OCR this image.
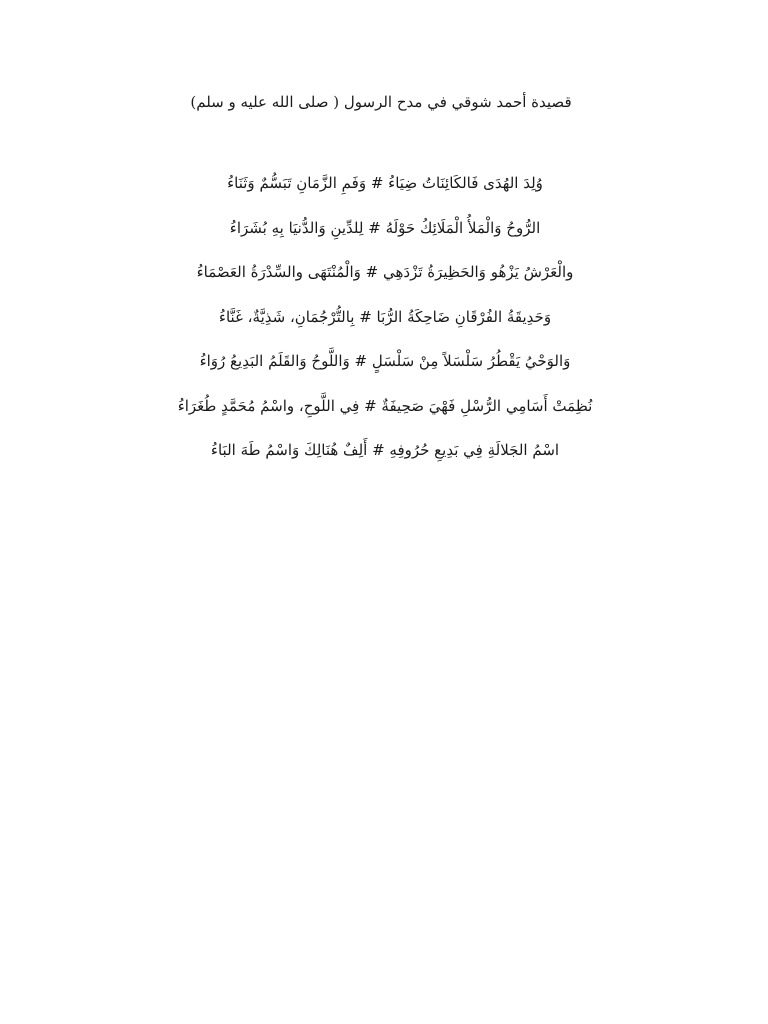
قصيدة أحمد شوقي في مدح الرسول ( صلى الله عليه و سلم)
وُلِدَ الهُدَى فَالكَائِنَاتُ ضِيَاءُ # وَفَمِ الزَّمَانِ تَبَسُّمٌ وَثَنَاءُ
الرُّوحُ وَالْمَلأُ الْمَلَائِكُ حَوْلَهُ # لِلدِّينِ وَالدُّنيَا بِهِ بُشَرَاءُ
والْعَرْشُ يَزْهُو وَالحَظِيرَةُ تَزْدَهِي # وَالْمُنْتَهَى والسِّدْرَةُ العَصْمَاءُ
وَحَدِيقَةُ الفُرْقَانِ ضَاحِكَةُ الرُّبَا # بِالتُّرْجُمَانِ، شَذِيَّةٌ، غَنَّاءُ
وَالوَحْيُ يَقْطُرُ سَلْسَلاً مِنْ سَلْسَلٍ # وَاللَّوحُ وَالقَلَمُ البَدِيعُ رُوَاءُ
نُظِمَتْ أَسَامِي الرُّسْلِ فَهْيَ صَحِيفَةٌ # فِي اللَّوحِ، واسْمُ مُحَمَّدٍ طُغَرَاءُ
اسْمُ الجَلالَةِ فِي بَدِيعِ حُرُوفِهِ # أَلِفٌ هُنَالِكَ وَاسْمُ طَهَ البَاءُ
